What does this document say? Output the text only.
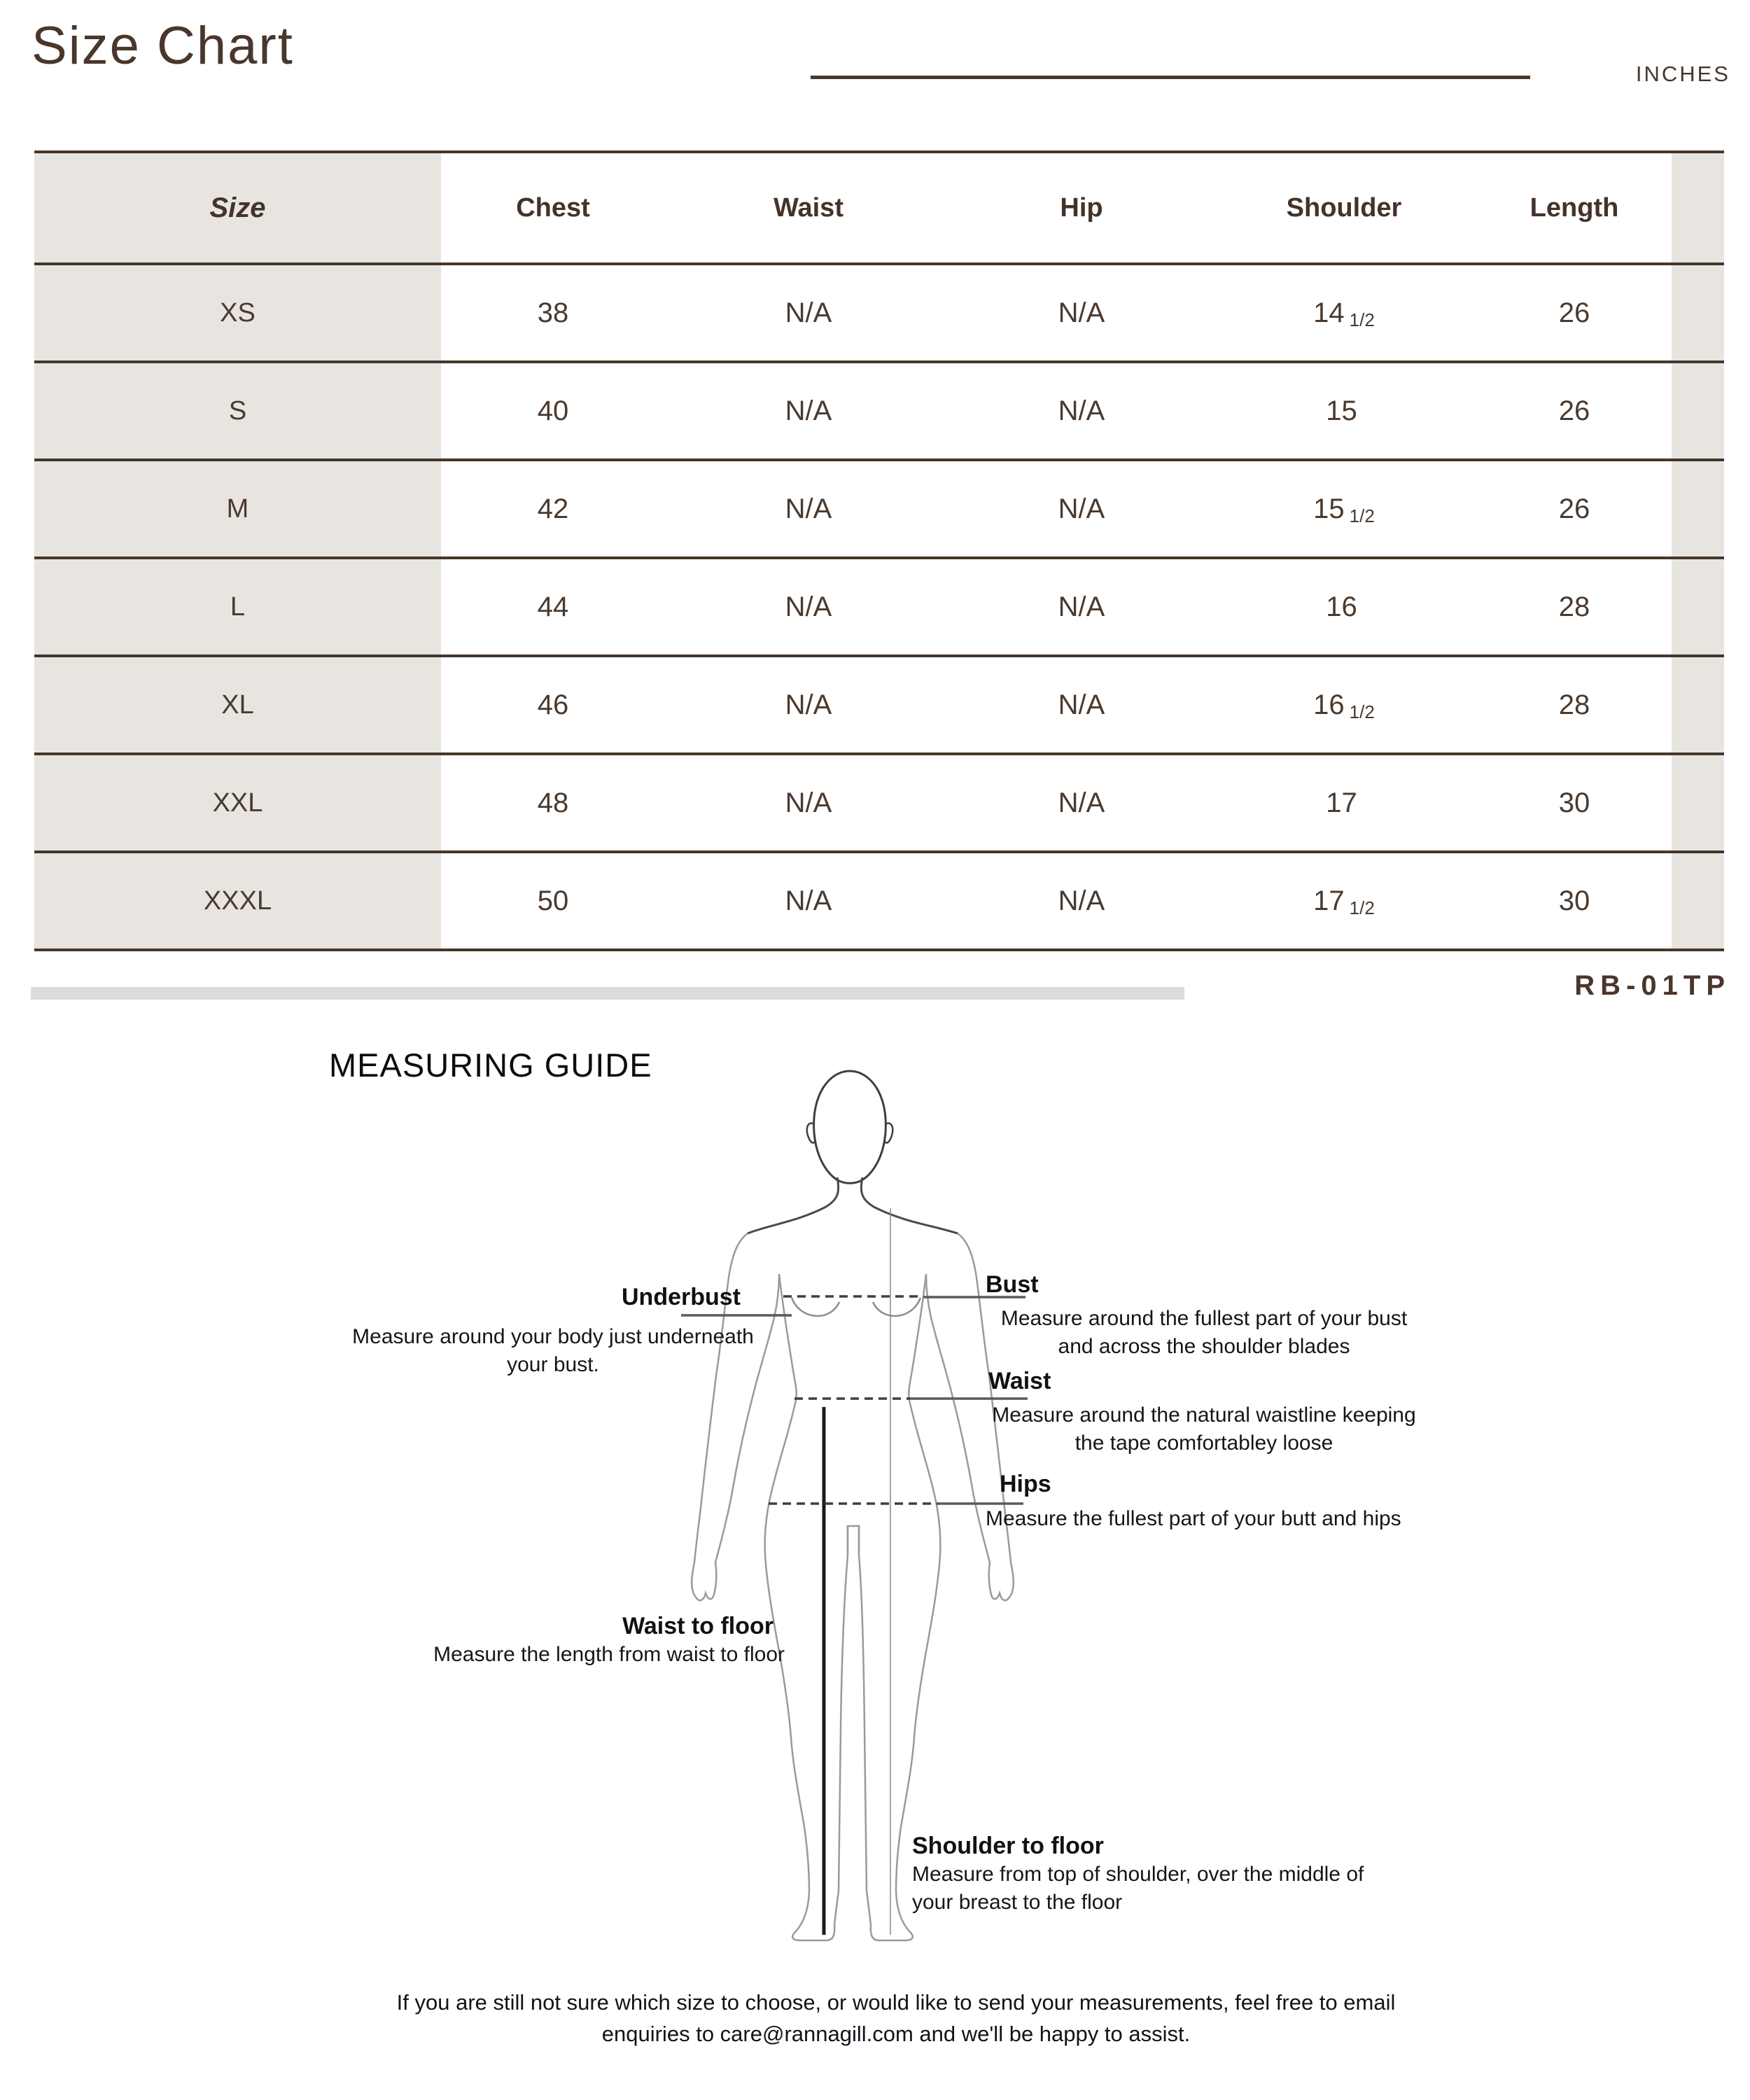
Size Chart	INCHES
Size	Chest	Waist	Hip	Shoulder	Length
XS	38	N/A	N/A	14 1/2	26
S	40	N/A	N/A	15	26
M	42	N/A	N/A	15 1/2	26
L	44	N/A	N/A	16	28
XL	46	N/A	N/A	16 1/2	28
XXL	48	N/A	N/A	17	30
XXXL	50	N/A	N/A	17 1/2	30
RB-01TP
MEASURING GUIDE
Underbust
Measure around your body just underneath
your bust.
Bust
Measure around the fullest part of your bust
and across the shoulder blades
Waist
Measure around the natural waistline keeping
the tape comfortabley loose
Hips
Measure the fullest part of your butt and hips
Waist to floor
Measure the length from waist to floor
Shoulder to floor
Measure from top of shoulder, over the middle of
your breast to the floor
If you are still not sure which size to choose, or would like to send your measurements, feel free to email
enquiries to care@rannagill.com and we'll be happy to assist.
